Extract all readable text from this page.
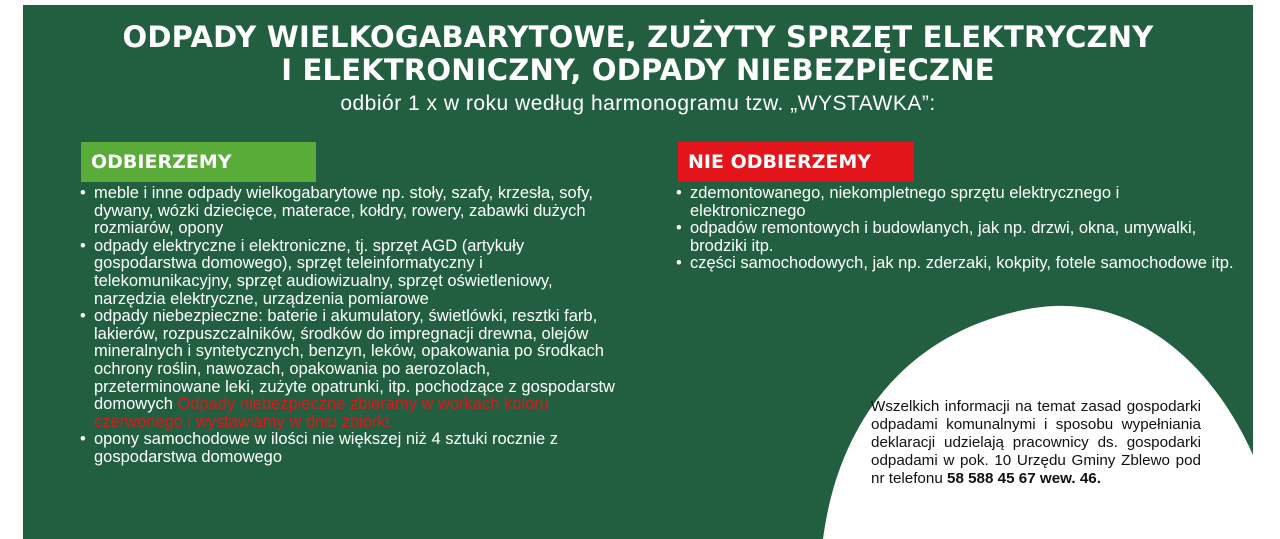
ODPADY WIELKOGABARYTOWE, ZUŻYTY SPRZĘT ELEKTRYCZNY
I ELEKTRONICZNY, ODPADY NIEBEZPIECZNE
odbiór 1 x w roku według harmonogramu tzw. „WYSTAWKA”:
ODBIERZEMY
• meble i inne odpady wielkogabarytowe np. stoły, szafy, krzesła, sofy, dywany, wózki dziecięce, materace, kołdry, rowery, zabawki dużych rozmiarów, opony
• odpady elektryczne i elektroniczne, tj. sprzęt AGD (artykuły gospodarstwa domowego), sprzęt teleinformatyczny i telekomunikacyjny, sprzęt audiowizualny, sprzęt oświetleniowy, narzędzia elektryczne, urządzenia pomiarowe
• odpady niebezpieczne: baterie i akumulatory, świetlówki, resztki farb, lakierów, rozpuszczalników, środków do impregnacji drewna, olejów mineralnych i syntetycznych, benzyn, leków, opakowania po środkach ochrony roślin, nawozach, opakowania po aerozolach, przeterminowane leki, zużyte opatrunki, itp. pochodzące z gospodarstw domowych Odpady niebezpieczne zbieramy w workach koloru czerwonego i wystawiamy w dniu zbiórki.
• opony samochodowe w ilości nie większej niż 4 sztuki rocznie z gospodarstwa domowego
NIE ODBIERZEMY
• zdemontowanego, niekompletnego sprzętu elektrycznego i elektronicznego
• odpadów remontowych i budowlanych, jak np. drzwi, okna, umywalki, brodziki itp.
• części samochodowych, jak np. zderzaki, kokpity, fotele samochodowe itp.
Wszelkich informacji na temat zasad gospodarki odpadami komunalnymi i sposobu wypełniania deklaracji udzielają pracownicy ds. gospodarki odpadami w pok. 10 Urzędu Gminy Zblewo pod nr telefonu 58 588 45 67 wew. 46.
